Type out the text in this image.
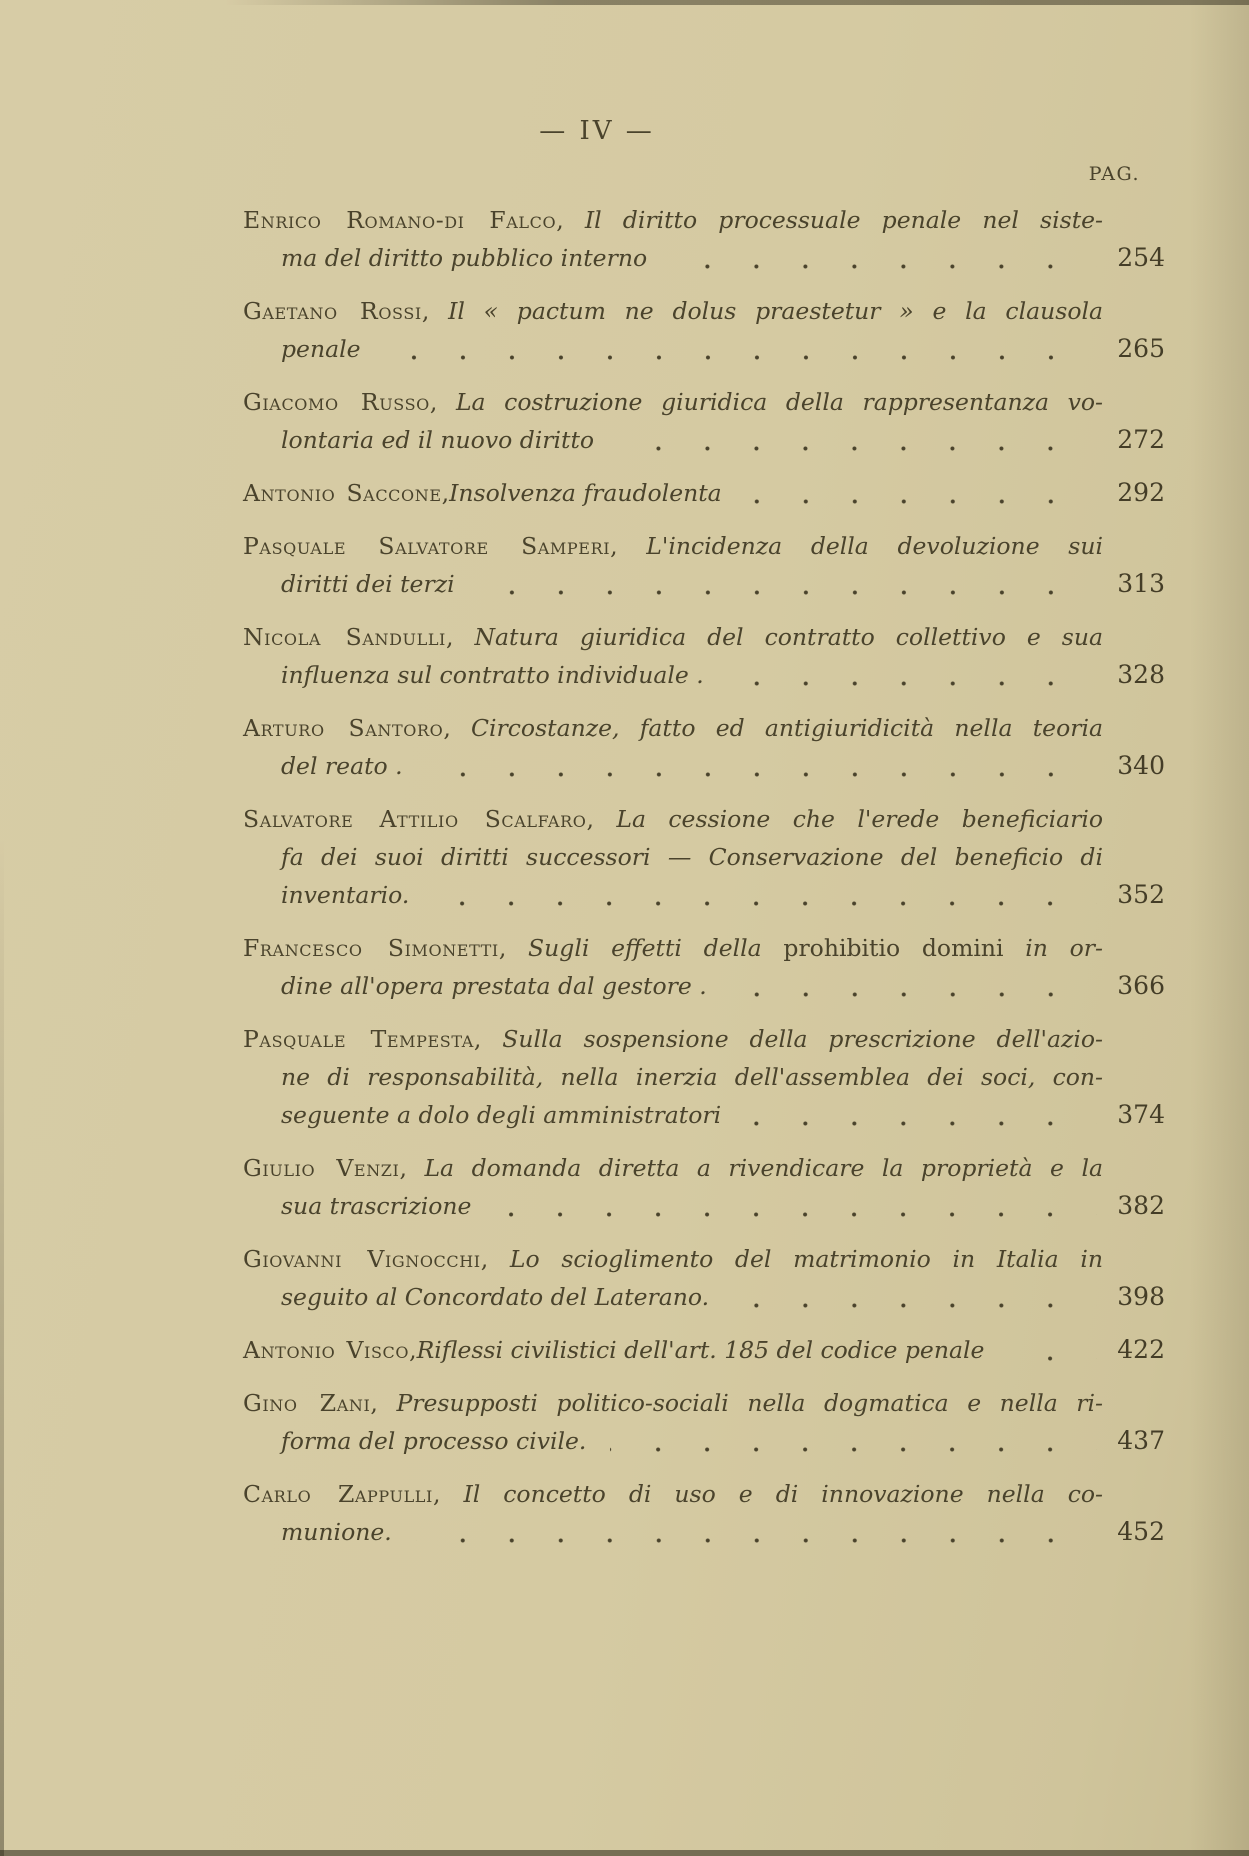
— IV —
PAG.
Enrico Romano-di Falco, Il diritto processuale penale nel siste-
ma del diritto pubblico interno	254
Gaetano Rossi, Il « pactum ne dolus praestetur » e la clausola
penale	265
Giacomo Russo, La costruzione giuridica della rappresentanza vo-
lontaria ed il nuovo diritto	272
Antonio Saccone , Insolvenza fraudolenta	292
Pasquale Salvatore Samperi, L'incidenza della devoluzione sui
diritti dei terzi	313
Nicola Sandulli, Natura giuridica del contratto collettivo e sua
influenza sul contratto individuale .	328
Arturo Santoro, Circostanze, fatto ed antigiuridicità nella teoria
del reato .	340
Salvatore Attilio Scalfaro, La cessione che l'erede beneficiario
fa dei suoi diritti successori — Conservazione del beneficio di
inventario.	352
Francesco Simonetti, Sugli effetti della prohibitio domini in or-
dine all'opera prestata dal gestore .	366
Pasquale Tempesta, Sulla sospensione della prescrizione dell'azio-
ne di responsabilità, nella inerzia dell'assemblea dei soci, con-
seguente a dolo degli amministratori	374
Giulio Venzi, La domanda diretta a rivendicare la proprietà e la
sua trascrizione	382
Giovanni Vignocchi, Lo scioglimento del matrimonio in Italia in
seguito al Concordato del Laterano.	398
Antonio Visco , Riflessi civilistici dell'art. 185 del codice penale	422
Gino Zani, Presupposti politico-sociali nella dogmatica e nella ri-
forma del processo civile.	437
Carlo Zappulli, Il concetto di uso e di innovazione nella co-
munione.	452
